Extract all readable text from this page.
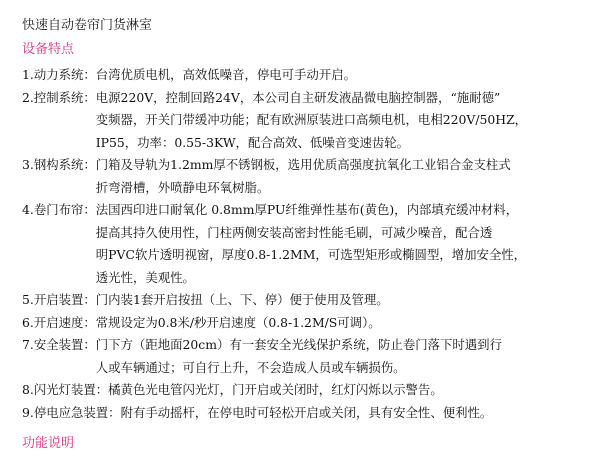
快速自动卷帘门货淋室
设备特点
1. 动力系统： 台湾优质电机，高效低噪音，停电可手动开启。
2. 控制系统： 电源220V，控制回路24V，本公司自主研发液晶微电脑控制器，“施耐德”
变频器，开关门带缓冲功能；配有欧洲原装进口高频电机，电相220V/50HZ，
IP55，功率：0.55-3KW，配合高效、低噪音变速齿轮。
3. 钢构系统： 门箱及导轨为1.2mm厚不锈钢板，选用优质高强度抗氧化工业铝合金支柱式
折弯滑槽，外喷静电环氧树脂。
4. 卷门布帘： 法国西印进口耐氧化 0.8mm厚PU纤维弹性基布(黄色)，内部填充缓冲材料，
提高其持久使用性，门柱两侧安装高密封性能毛刷，可减少噪音，配合透
明PVC软片透明视窗，厚度0.8-1.2MM，可选型矩形或椭圆型，增加安全性，
透光性，美观性。
5. 开启装置： 门内装1套开启按扭（上、下、停）便于使用及管理。
6. 开启速度： 常规设定为0.8米/秒开启速度（0.8-1.2M/S可调）。
7. 安全装置： 门下方（距地面20cm）有一套安全光线保护系统，防止卷门落下时遇到行
人或车辆通过；可自行上升，不会造成人员或车辆损伤。
8. 闪光灯装置： 橘黄色光电管闪光灯，门开启或关闭时，红灯闪烁以示警告。
9. 停电应急装置： 附有手动摇杆，在停电时可轻松开启或关闭，具有安全性、便利性。
功能说明
